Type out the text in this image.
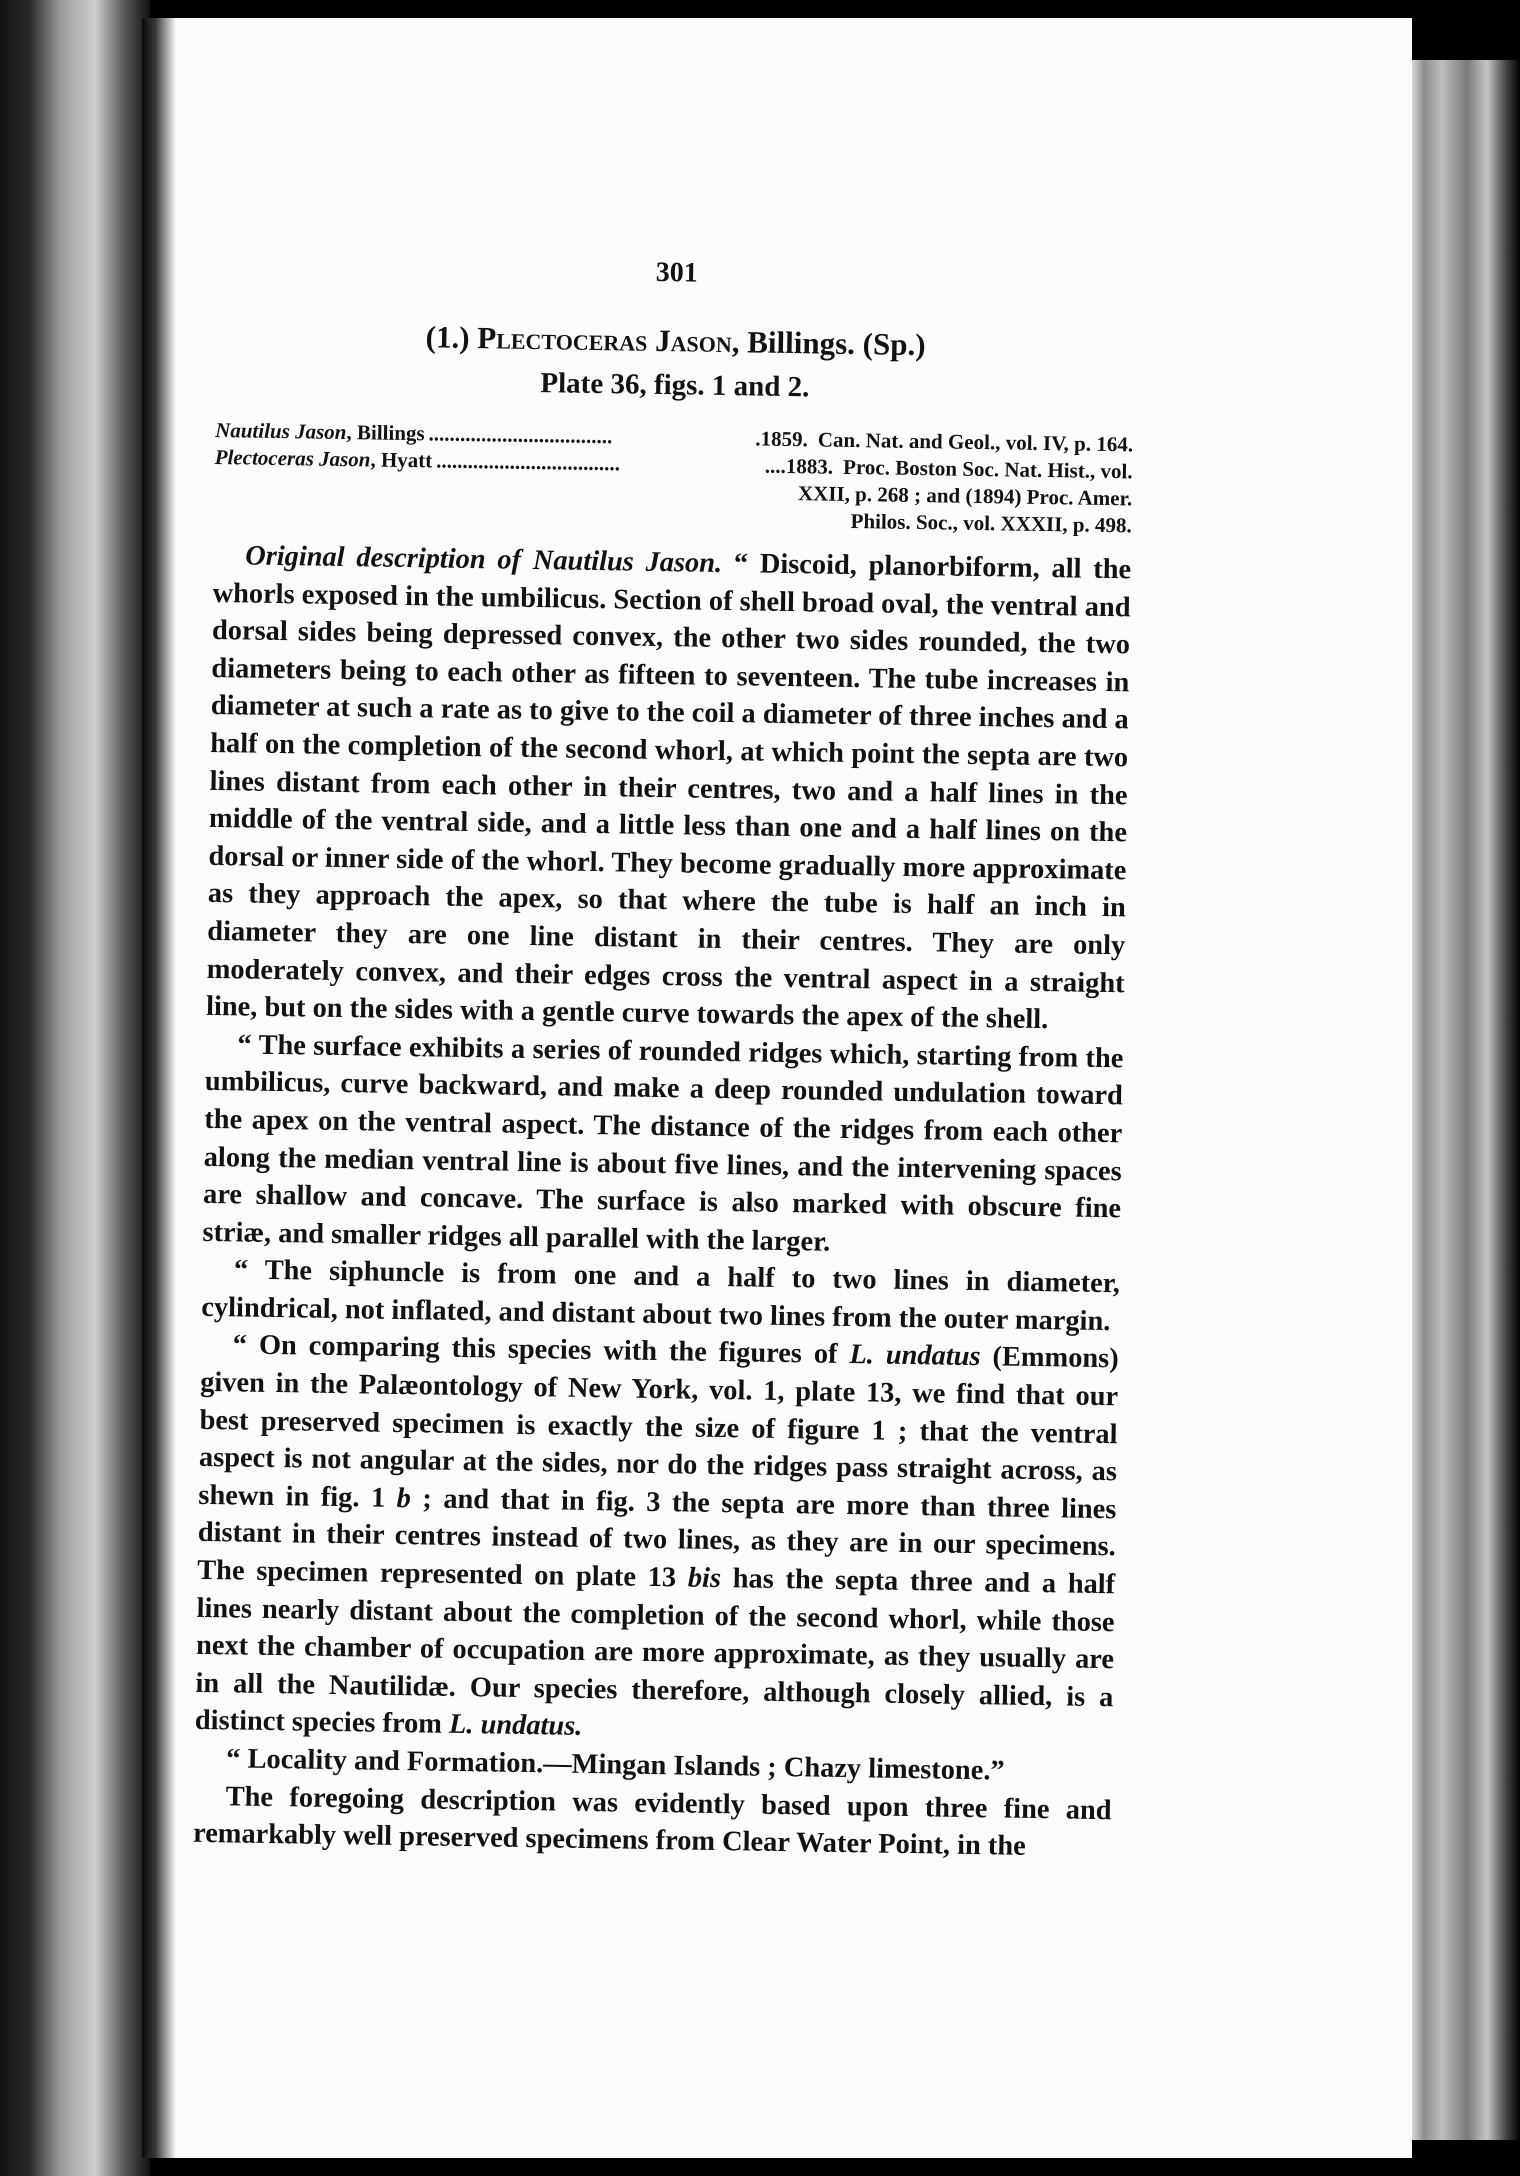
301
(1.) Plectoceras Jason, Billings. (Sp.)
Plate 36, figs. 1 and 2.
Nautilus Jason, Billings ...................................	.1859. Can. Nat. and Geol., vol. IV, p. 164.
Plectoceras Jason, Hyatt ...................................	....1883. Proc. Boston Soc. Nat. Hist., vol.
XXII, p. 268 ; and (1894) Proc. Amer.
Philos. Soc., vol. XXXII, p. 498.

Original description of Nautilus Jason. “ Discoid, planorbiform, all the whorls exposed in the umbilicus. Section of shell broad oval, the ventral and dorsal sides being depressed convex, the other two sides rounded, the two diameters being to each other as fifteen to seventeen. The tube increases in diameter at such a rate as to give to the coil a diameter of three inches and a half on the completion of the second whorl, at which point the septa are two lines distant from each other in their centres, two and a half lines in the middle of the ventral side, and a little less than one and a half lines on the dorsal or inner side of the whorl. They become gradually more approximate as they approach the apex, so that where the tube is half an inch in diameter they are one line distant in their centres. They are only moderately convex, and their edges cross the ventral aspect in a straight line, but on the sides with a gentle curve towards the apex of the shell.

“ The surface exhibits a series of rounded ridges which, starting from the umbilicus, curve backward, and make a deep rounded undulation toward the apex on the ventral aspect. The distance of the ridges from each other along the median ventral line is about five lines, and the intervening spaces are shallow and concave. The surface is also marked with obscure fine striæ, and smaller ridges all parallel with the larger.

“ The siphuncle is from one and a half to two lines in diameter, cylindrical, not inflated, and distant about two lines from the outer margin.

“ On comparing this species with the figures of L. undatus (Emmons) given in the Palæontology of New York, vol. 1, plate 13, we find that our best preserved specimen is exactly the size of figure 1 ; that the ventral aspect is not angular at the sides, nor do the ridges pass straight across, as shewn in fig. 1 b ; and that in fig. 3 the septa are more than three lines distant in their centres instead of two lines, as they are in our specimens. The specimen represented on plate 13 bis has the septa three and a half lines nearly distant about the completion of the second whorl, while those next the chamber of occupation are more approximate, as they usually are in all the Nautilidæ. Our species therefore, although closely allied, is a distinct species from L. undatus.

“ Locality and Formation.—Mingan Islands ; Chazy limestone.”

The foregoing description was evidently based upon three fine and remarkably well preserved specimens from Clear Water Point, in the
